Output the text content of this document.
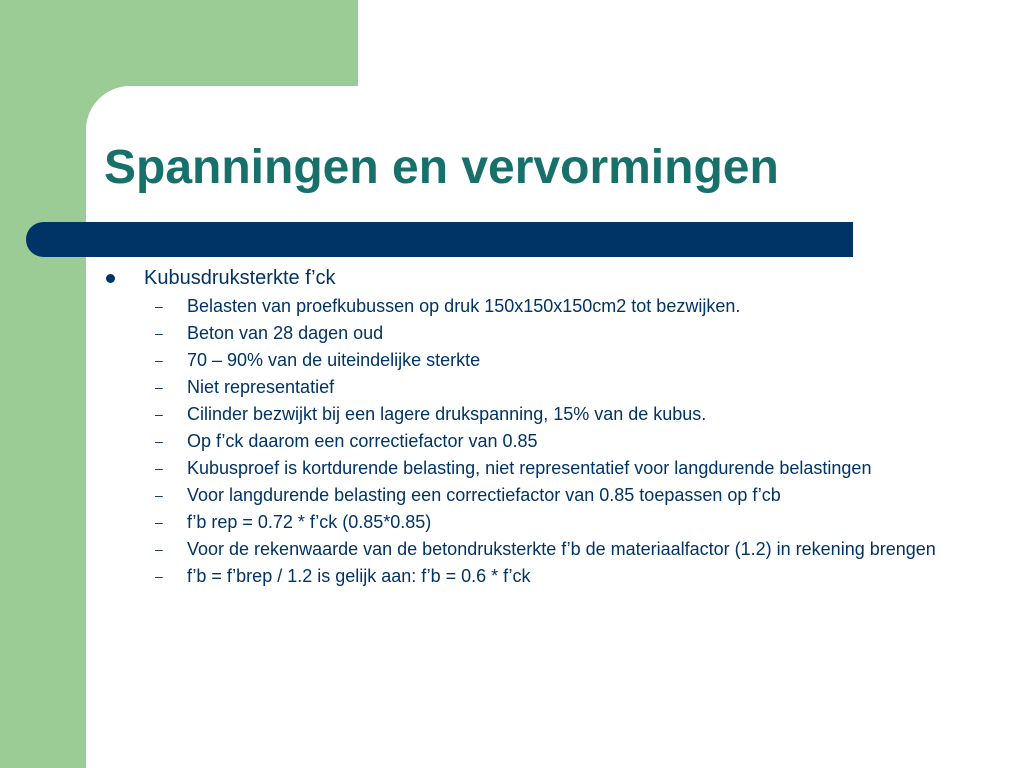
Spanningen en vervormingen
Kubusdruksterkte f’ck
– Belasten van proefkubussen op druk 150x150x150cm2 tot bezwijken.
– Beton van 28 dagen oud
– 70 – 90% van de uiteindelijke sterkte
– Niet representatief
– Cilinder bezwijkt bij een lagere drukspanning, 15% van de kubus.
– Op f’ck daarom een correctiefactor van 0.85
– Kubusproef is kortdurende belasting, niet representatief voor langdurende belastingen
– Voor langdurende belasting een correctiefactor van 0.85 toepassen op f’cb
– f’b rep = 0.72 * f’ck (0.85*0.85)
– Voor de rekenwaarde van de betondruksterkte f’b de materiaalfactor (1.2) in rekening brengen
– f’b = f’brep / 1.2 is gelijk aan: f’b = 0.6 * f’ck
